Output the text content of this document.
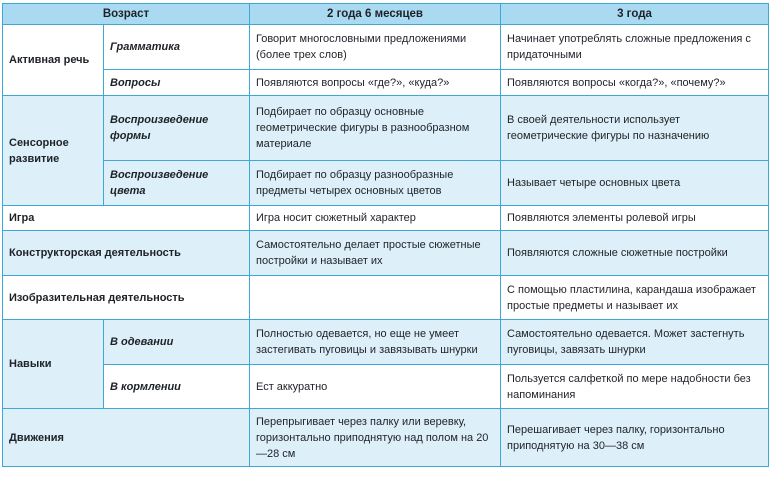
Возраст		2 года 6 месяцев	3 года
Активная речь	Грамматика	Говорит многословными предложениями (более трех слов)	Начинает употреблять сложные предложения с придаточными
	Вопросы	Появляются вопросы «где?», «куда?»	Появляются вопросы «когда?», «почему?»
Сенсорное развитие	Воспроизведение формы	Подбирает по образцу основные геометрические фигуры в разнообразном материале	В своей деятельности использует геометрические фигуры по назначению
	Воспроизведение цвета	Подбирает по образцу разнообразные предметы четырех основных цветов	Называет четыре основных цвета
Игра		Игра носит сюжетный характер	Появляются элементы ролевой игры
Конструкторская деятельность		Самостоятельно делает простые сюжетные постройки и называет их	Появляются сложные сюжетные постройки
Изобразительная деятельность			С помощью пластилина, карандаша изображает простые предметы и называет их
Навыки	В одевании	Полностью одевается, но еще не умеет застегивать пуговицы и завязывать шнурки	Самостоятельно одевается. Может застегнуть пуговицы, завязать шнурки
	В кормлении	Ест аккуратно	Пользуется салфеткой по мере надобности без напоминания
Движения		Перепрыгивает через палку или веревку, горизонтально приподнятую над полом на 20—28 см	Перешагивает через палку, горизонтально приподнятую на 30—38 см
